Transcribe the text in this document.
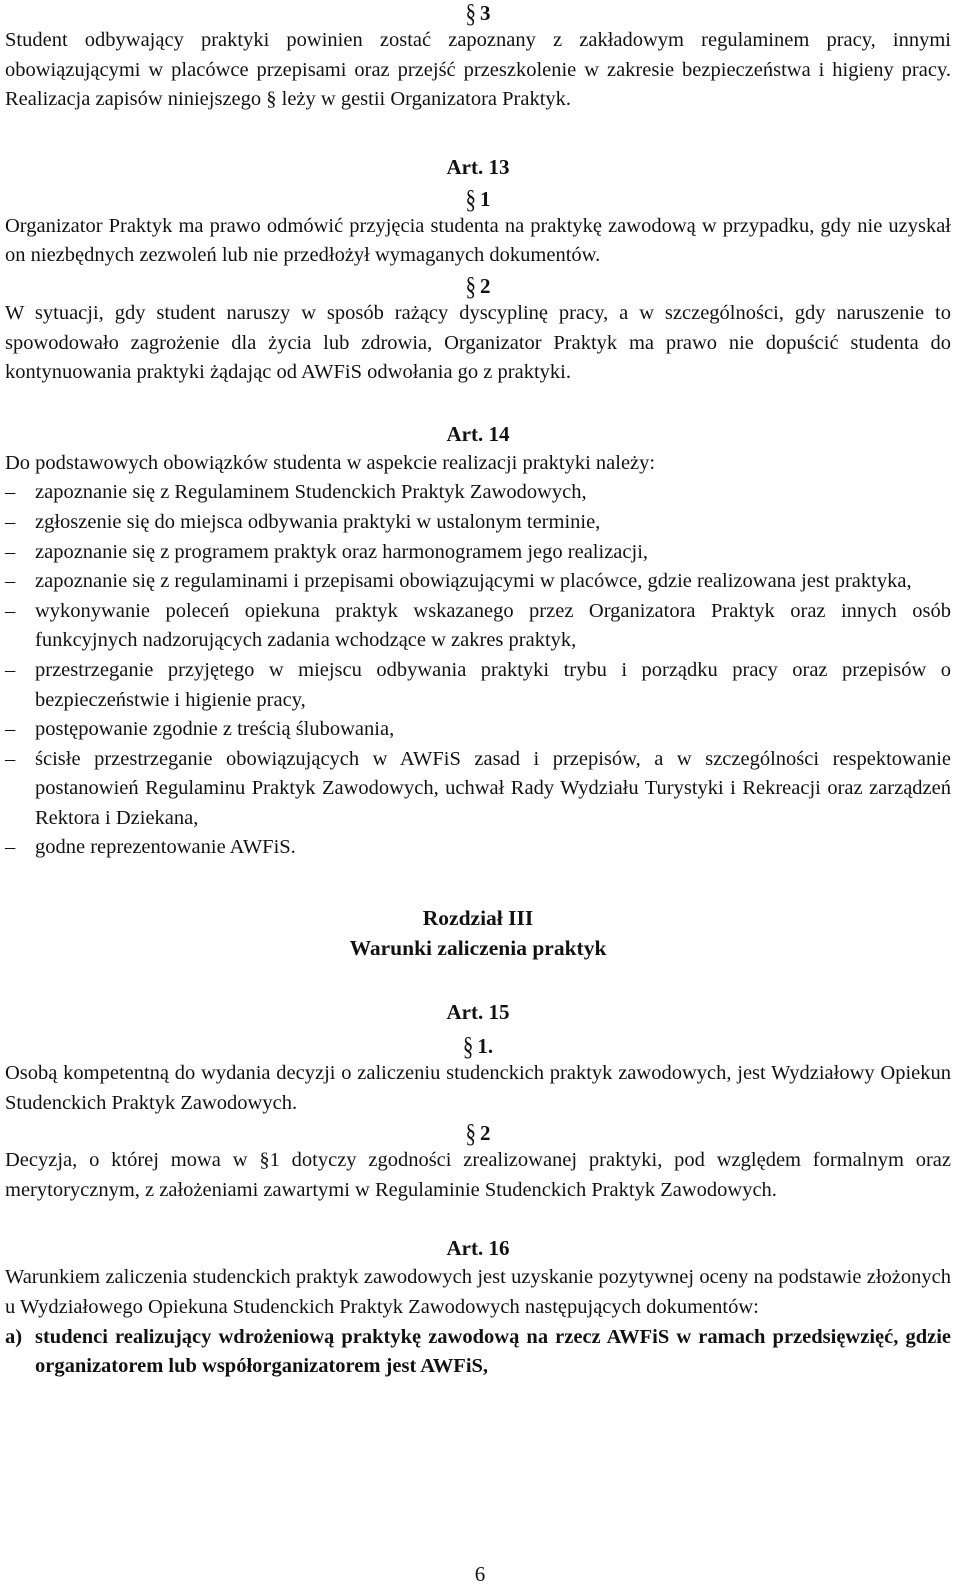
§ 3

Student odbywający praktyki powinien zostać zapoznany z zakładowym regulaminem pracy, innymi obowiązującymi w placówce przepisami oraz przejść przeszkolenie w zakresie bezpieczeństwa i higieny pracy. Realizacja zapisów niniejszego § leży w gestii Organizatora Praktyk.

Art. 13
§ 1

Organizator Praktyk ma prawo odmówić przyjęcia studenta na praktykę zawodową w przypadku, gdy nie uzyskał on niezbędnych zezwoleń lub nie przedłożył wymaganych dokumentów.

§ 2

W sytuacji, gdy student naruszy w sposób rażący dyscyplinę pracy, a w szczególności, gdy naruszenie to spowodowało zagrożenie dla życia lub zdrowia, Organizator Praktyk ma prawo nie dopuścić studenta do kontynuowania praktyki żądając od AWFiS odwołania go z praktyki.

Art. 14

Do podstawowych obowiązków studenta w aspekcie realizacji praktyki należy:

– zapoznanie się z Regulaminem Studenckich Praktyk Zawodowych,
– zgłoszenie się do miejsca odbywania praktyki w ustalonym terminie,
– zapoznanie się z programem praktyk oraz harmonogramem jego realizacji,
– zapoznanie się z regulaminami i przepisami obowiązującymi w placówce, gdzie realizowana jest praktyka,
– wykonywanie poleceń opiekuna praktyk wskazanego przez Organizatora Praktyk oraz innych osób funkcyjnych nadzorujących zadania wchodzące w zakres praktyk,
– przestrzeganie przyjętego w miejscu odbywania praktyki trybu i porządku pracy oraz przepisów o bezpieczeństwie i higienie pracy,
– postępowanie zgodnie z treścią ślubowania,
– ścisłe przestrzeganie obowiązujących w AWFiS zasad i przepisów, a w szczególności respektowanie postanowień Regulaminu Praktyk Zawodowych, uchwał Rady Wydziału Turystyki i Rekreacji oraz zarządzeń Rektora i Dziekana,
– godne reprezentowanie AWFiS.
Rozdział III
Warunki zaliczenia praktyk
Art. 15
§ 1.

Osobą kompetentną do wydania decyzji o zaliczeniu studenckich praktyk zawodowych, jest Wydziałowy Opiekun Studenckich Praktyk Zawodowych.

§ 2

Decyzja, o której mowa w §1 dotyczy zgodności zrealizowanej praktyki, pod względem formalnym oraz merytorycznym, z założeniami zawartymi w Regulaminie Studenckich Praktyk Zawodowych.

Art. 16

Warunkiem zaliczenia studenckich praktyk zawodowych jest uzyskanie pozytywnej oceny na podstawie złożonych u Wydziałowego Opiekuna Studenckich Praktyk Zawodowych następujących dokumentów:

a) studenci realizujący wdrożeniową praktykę zawodową na rzecz AWFiS w ramach przedsięwzięć, gdzie organizatorem lub współorganizatorem jest AWFiS,
6
